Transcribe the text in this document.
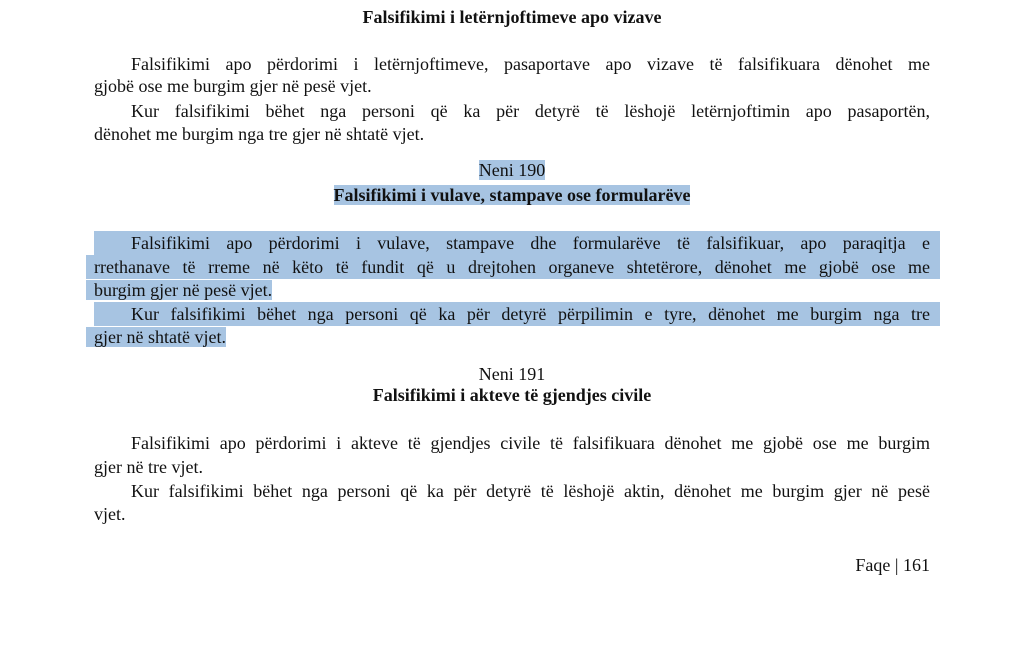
Falsifikimi i letërnjoftimeve apo vizave
Falsifikimi apo përdorimi i letërnjoftimeve, pasaportave apo vizave të falsifikuara dënohet me
gjobë ose me burgim gjer në pesë vjet.
Kur falsifikimi bëhet nga personi që ka për detyrë të lëshojë letërnjoftimin apo pasaportën,
dënohet me burgim nga tre gjer në shtatë vjet.
Neni 190
Falsifikimi i vulave, stampave ose formularëve
Falsifikimi apo përdorimi i vulave, stampave dhe formularëve të falsifikuar, apo paraqitja e
rrethanave të rreme në këto të fundit që u drejtohen organeve shtetërore, dënohet me gjobë ose me
burgim gjer në pesë vjet.
Kur falsifikimi bëhet nga personi që ka për detyrë përpilimin e tyre, dënohet me burgim nga tre
gjer në shtatë vjet.
Neni 191
Falsifikimi i akteve të gjendjes civile
Falsifikimi apo përdorimi i akteve të gjendjes civile të falsifikuara dënohet me gjobë ose me burgim
gjer në tre vjet.
Kur falsifikimi bëhet nga personi që ka për detyrë të lëshojë aktin, dënohet me burgim gjer në pesë
vjet.
Faqe | 161
